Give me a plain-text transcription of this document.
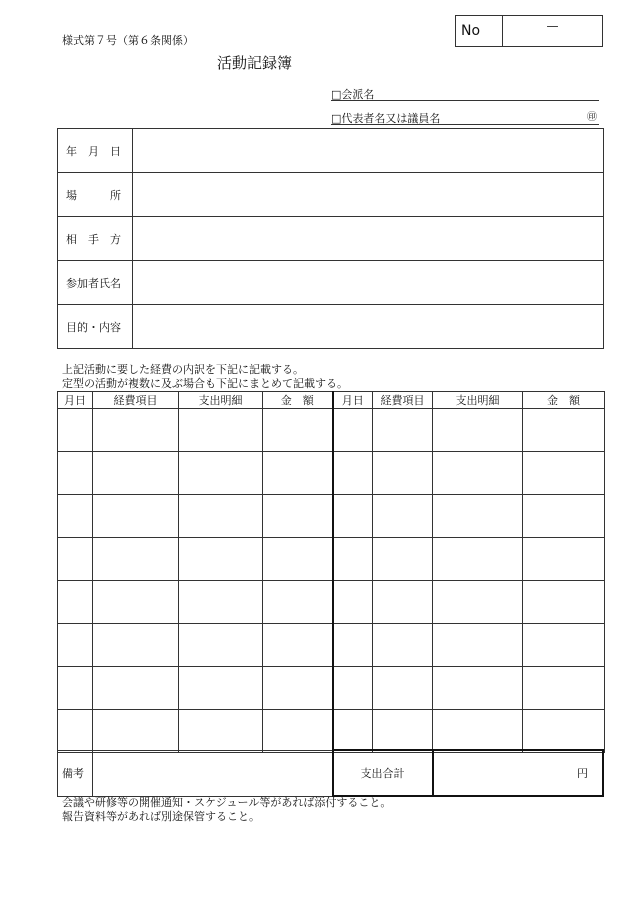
様式第７号（第６条関係）
活動記録簿
No	—
□会派名
□代表者名又は議員名	㊞
年　月　日	
場　　　所	
相　手　方	
参加者氏名	
目的・内容	
上記活動に要した経費の内訳を下記に記載する。
定型の活動が複数に及ぶ場合も下記にまとめて記載する。
月日	経費項目	支出明細	金　額	月日	経費項目	支出明細	金　額

備考		支出合計	円
会議や研修等の開催通知・スケジュール等があれば添付すること。
報告資料等があれば別途保管すること。
